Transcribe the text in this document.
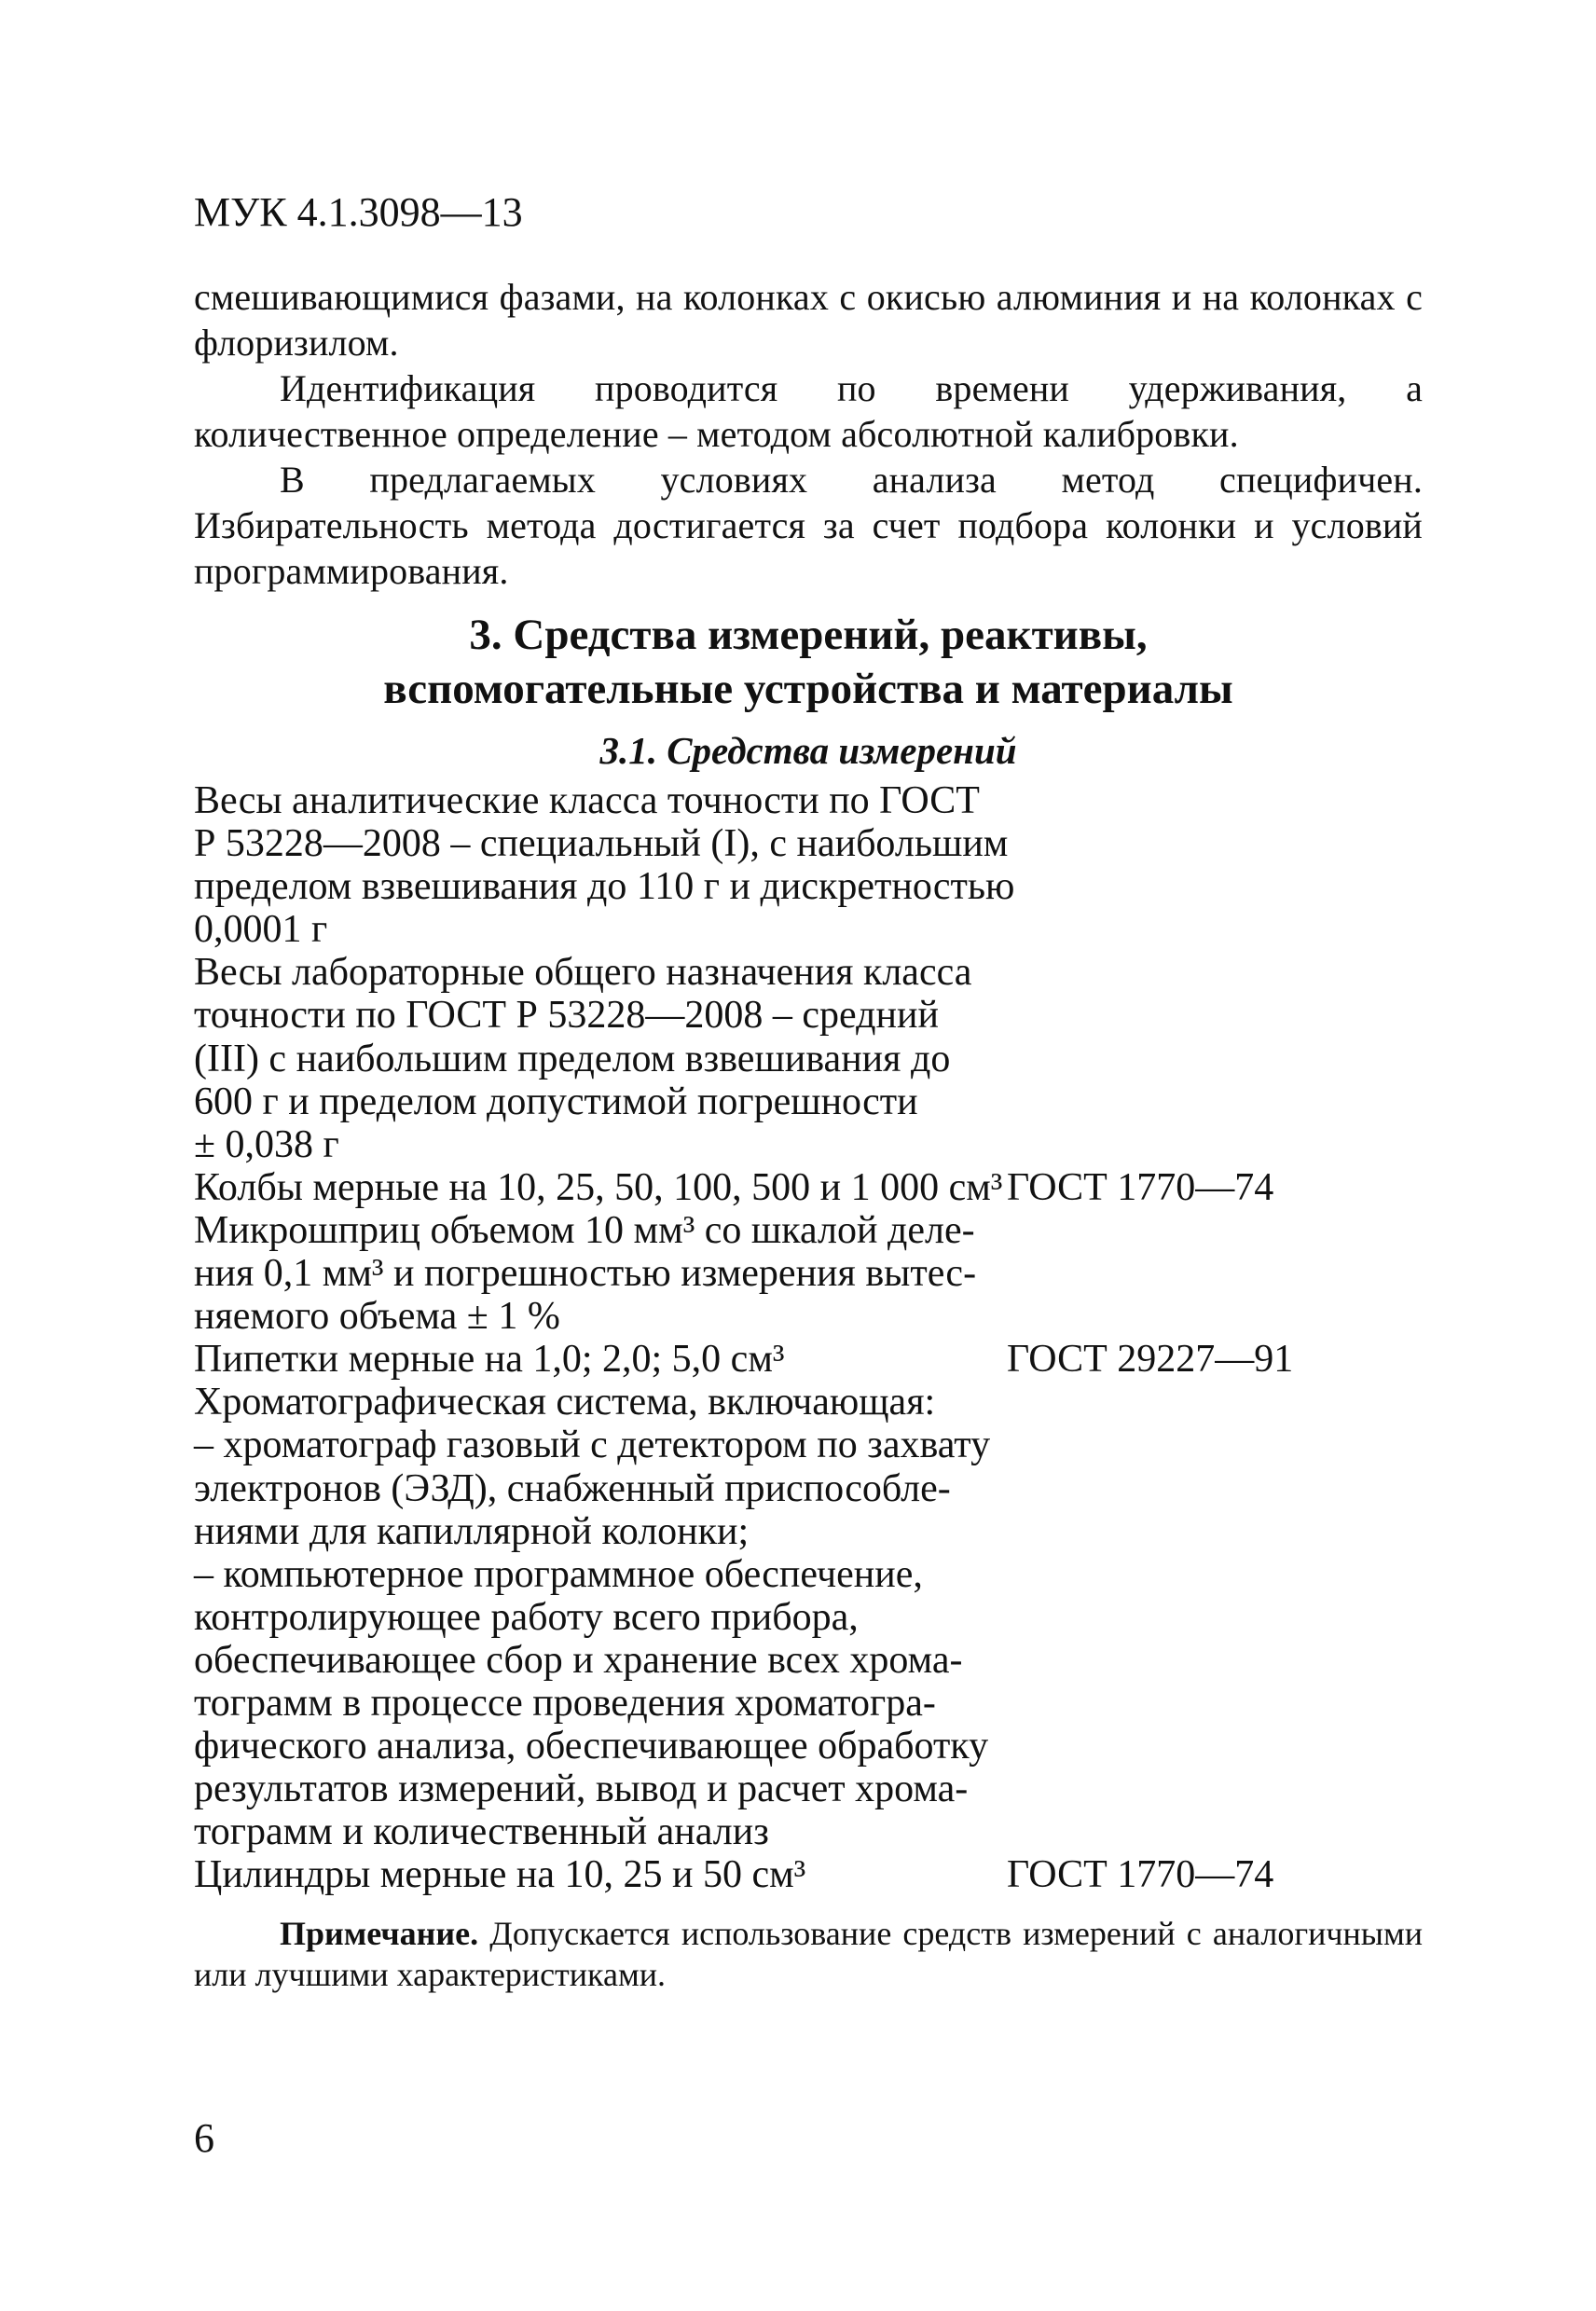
МУК 4.1.3098—13

смешивающимися фазами, на колонках с окисью алюминия и на колонках с флоризилом.

Идентификация проводится по времени удерживания, а количественное определение – методом абсолютной калибровки.

В предлагаемых условиях анализа метод специфичен. Избирательность метода достигается за счет подбора колонки и условий программирования.

3. Средства измерений, реактивы,
вспомогательные устройства и материалы
3.1. Средства измерений
Весы аналитические класса точности по ГОСТ
Р 53228—2008 – специальный (I), с наибольшим
пределом взвешивания до 110 г и дискретностью
0,0001 г
Весы лабораторные общего назначения класса
точности по ГОСТ Р 53228—2008 – средний
(III) с наибольшим пределом взвешивания до
600 г и пределом допустимой погрешности
± 0,038 г
Колбы мерные на 10, 25, 50, 100, 500 и 1 000 см³ ГОСТ 1770—74
Микрошприц объемом 10 мм³ со шкалой деле-
ния 0,1 мм³ и погрешностью измерения вытес-
няемого объема ± 1 %
Пипетки мерные на 1,0; 2,0; 5,0 см³	ГОСТ 29227—91
Хроматографическая система, включающая:
– хроматограф газовый с детектором по захвату
электронов (ЭЗД), снабженный приспособле-
ниями для капиллярной колонки;
– компьютерное программное обеспечение,
контролирующее работу всего прибора,
обеспечивающее сбор и хранение всех хрома-
тограмм в процессе проведения хроматогра-
фического анализа, обеспечивающее обработку
результатов измерений, вывод и расчет хрома-
тограмм и количественный анализ
Цилиндры мерные на 10, 25 и 50 см³	ГОСТ 1770—74
Примечание. Допускается использование средств измерений с аналогичными или лучшими характеристиками.
6
